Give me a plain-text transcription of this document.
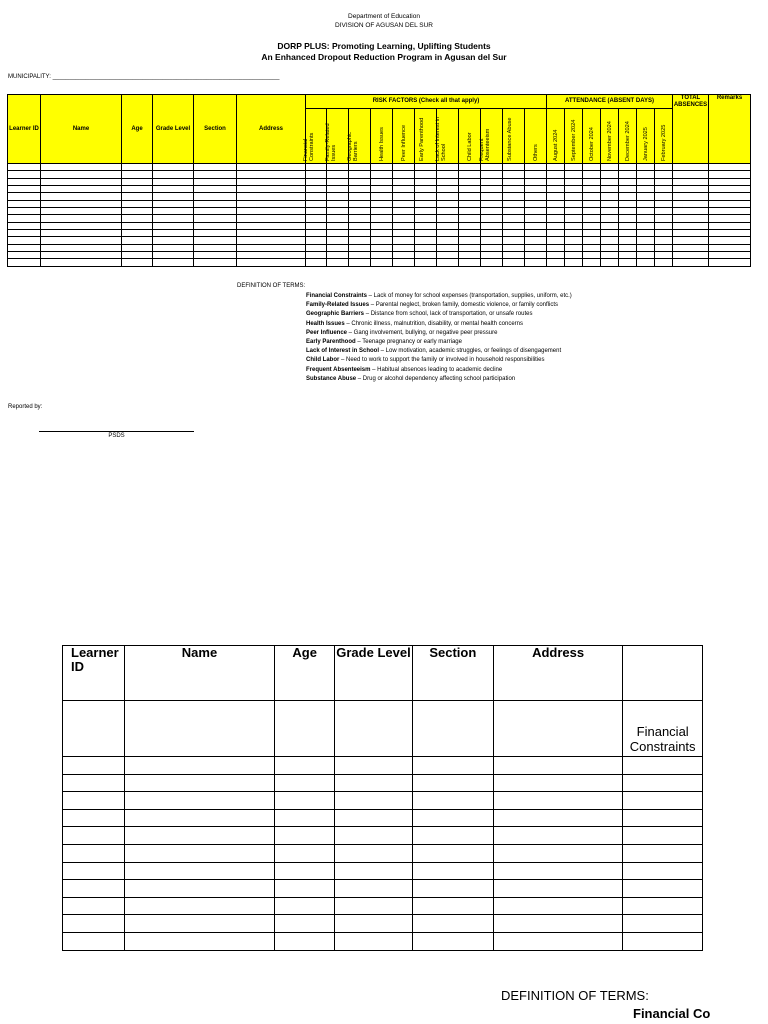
Department of Education
DIVISION OF AGUSAN DEL SUR
DORP PLUS: Promoting Learning, Uplifting Students
An Enhanced Dropout Reduction Program in Agusan del Sur
MUNICIPALITY: ____________________________________________________________________
Learner ID	Name	Age	Grade Level	Section	Address	RISK FACTORS (Check all that apply)											ATTENDANCE (ABSENT DAYS)							TOTAL ABSENCES	Remarks

						Financial Constraints	Family-Related Issues	Geographic Barriers	Health Issues	Peer Influence	Early Parenthood	Lack of Interest in School	Child Labor	Frequent Absenteeism	Substance Abuse	Others	August 2024	September 2024	October 2024	November 2024	December 2024	January 2025	February 2025		

DEFINITION OF TERMS:
Financial Constraints – Lack of money for school expenses (transportation, supplies, uniform, etc.)
Family-Related Issues – Parental neglect, broken family, domestic violence, or family conflicts
Geographic Barriers – Distance from school, lack of transportation, or unsafe routes
Health Issues – Chronic illness, malnutrition, disability, or mental health concerns
Peer Influence – Gang involvement, bullying, or negative peer pressure
Early Parenthood – Teenage pregnancy or early marriage
Lack of Interest in School – Low motivation, academic struggles, or feelings of disengagement
Child Labor – Need to work to support the family or involved in household responsibilities
Frequent Absenteeism – Habitual absences leading to academic decline
Substance Abuse – Drug or alcohol dependency affecting school participation
Reported by:
PSDS
Learner ID	Name	Age	Grade Level	Section	Address	
						Financial Constraints

DEFINITION OF TERMS:
Financial Co
